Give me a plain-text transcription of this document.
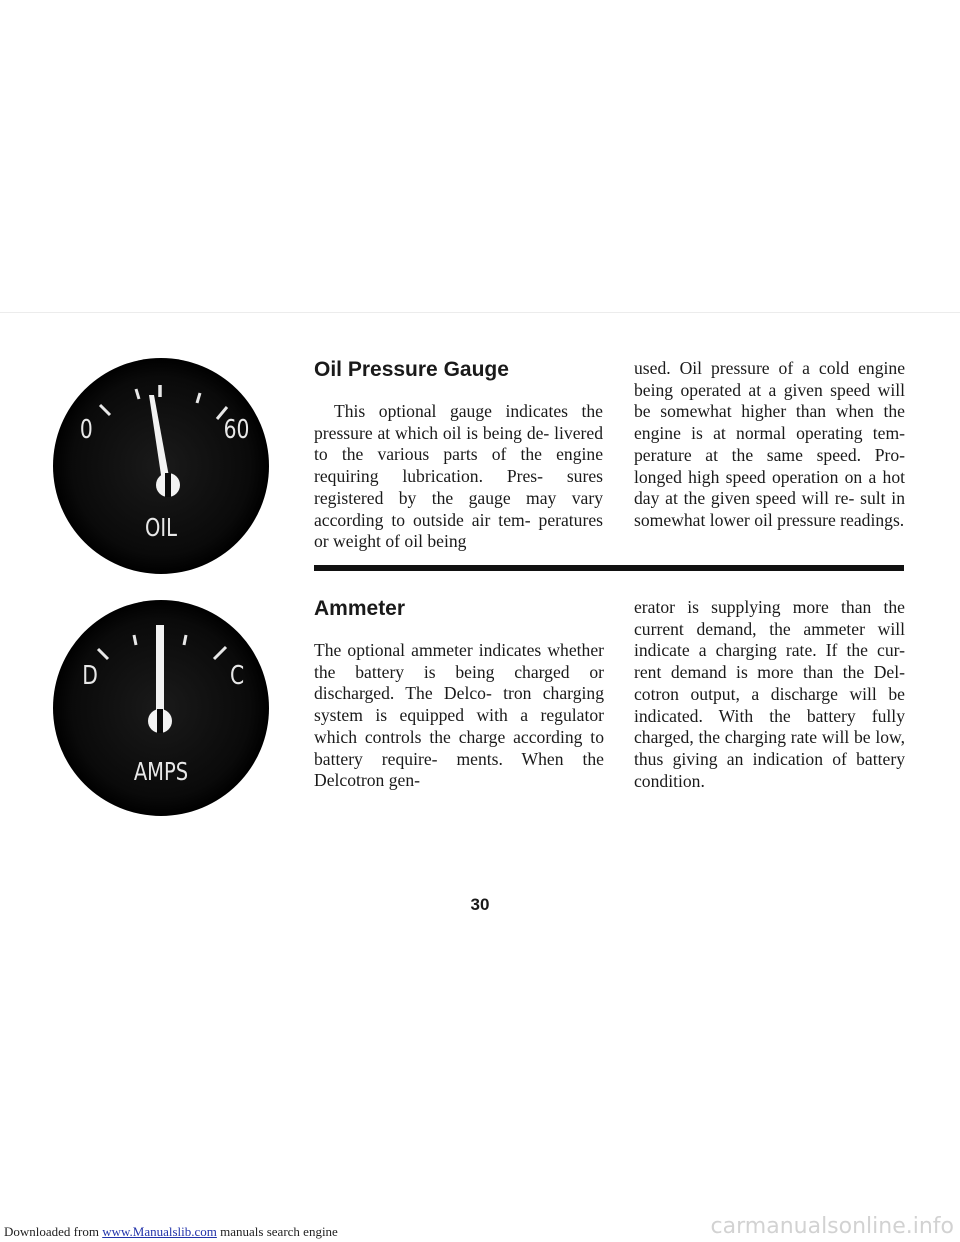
0	60
OIL
D	C
AMPS
Oil Pressure Gauge

This optional gauge indicates the pressure at which oil is being de- livered to the various parts of the engine requiring lubrication. Pres- sures registered by the gauge may vary according to outside air tem- peratures or weight of oil being

used. Oil pressure of a cold engine being operated at a given speed will be somewhat higher than when the engine is at normal operating tem- perature at the same speed. Pro- longed high speed operation on a hot day at the given speed will re- sult in somewhat lower oil pressure readings.

Ammeter

The optional ammeter indicates whether the battery is being charged or discharged. The Delco- tron charging system is equipped with a regulator which controls the charge according to battery require- ments. When the Delcotron gen-

erator is supplying more than the current demand, the ammeter will indicate a charging rate. If the cur- rent demand is more than the Del- cotron output, a discharge will be indicated. With the battery fully charged, the charging rate will be low, thus giving an indication of battery condition.

30
Downloaded from www.Manualslib.com manuals search engine	carmanualsonline.info
